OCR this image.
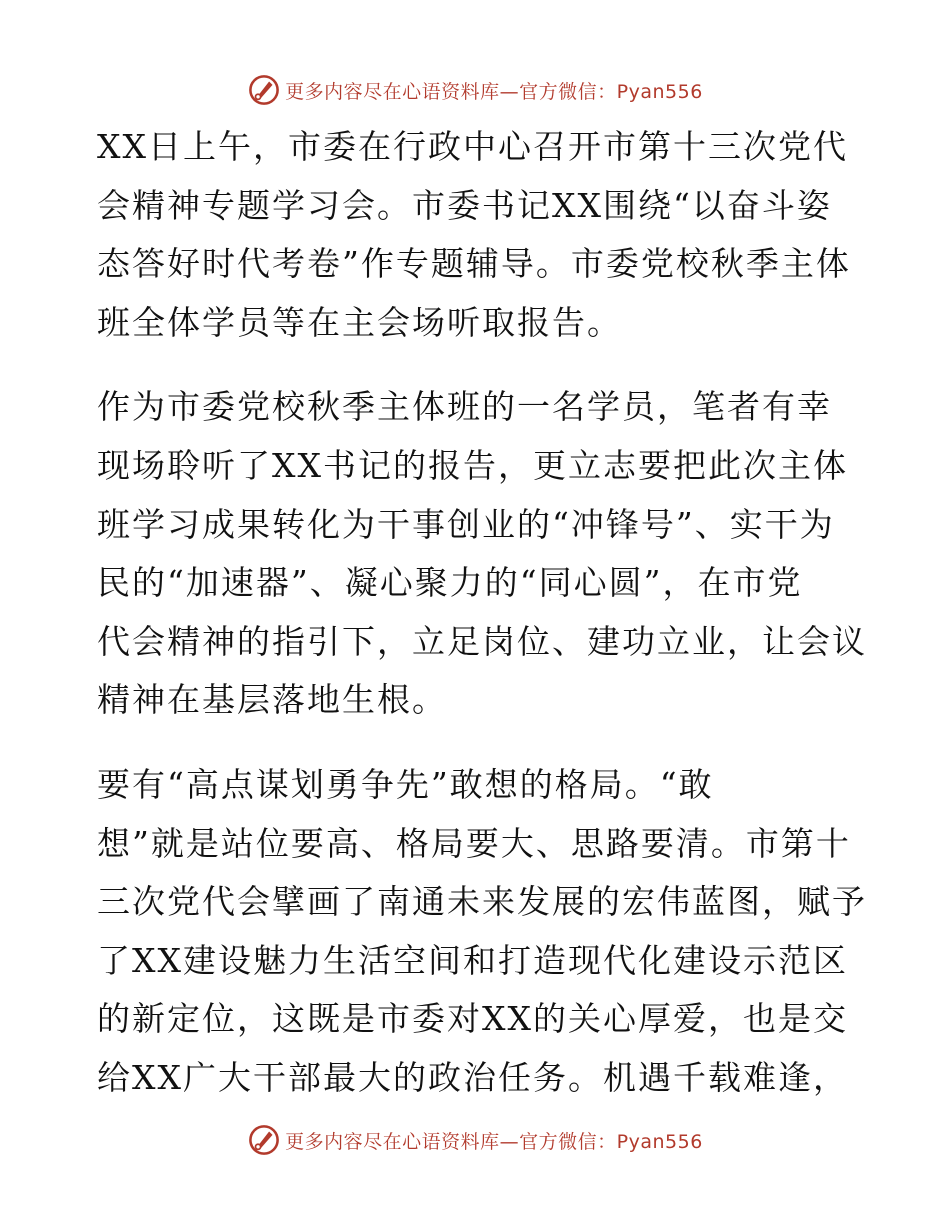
更多内容尽在心语资料库—官方微信：Pyan556
XX日上午，市委在行政中心召开市第十三次党代
会精神专题学习会。市委书记XX围绕“以奋斗姿
态答好时代考卷”作专题辅导。市委党校秋季主体
班全体学员等在主会场听取报告。
作为市委党校秋季主体班的一名学员，笔者有幸
现场聆听了XX书记的报告，更立志要把此次主体
班学习成果转化为干事创业的“冲锋号”、实干为
民的“加速器”、凝心聚力的“同心圆”，在市党
代会精神的指引下，立足岗位、建功立业，让会议
精神在基层落地生根。
要有“高点谋划勇争先”敢想的格局。“敢
想”就是站位要高、格局要大、思路要清。市第十
三次党代会擘画了南通未来发展的宏伟蓝图，赋予
了XX建设魅力生活空间和打造现代化建设示范区
的新定位，这既是市委对XX的关心厚爱，也是交
给XX广大干部最大的政治任务。机遇千载难逢，
更多内容尽在心语资料库—官方微信：Pyan556
